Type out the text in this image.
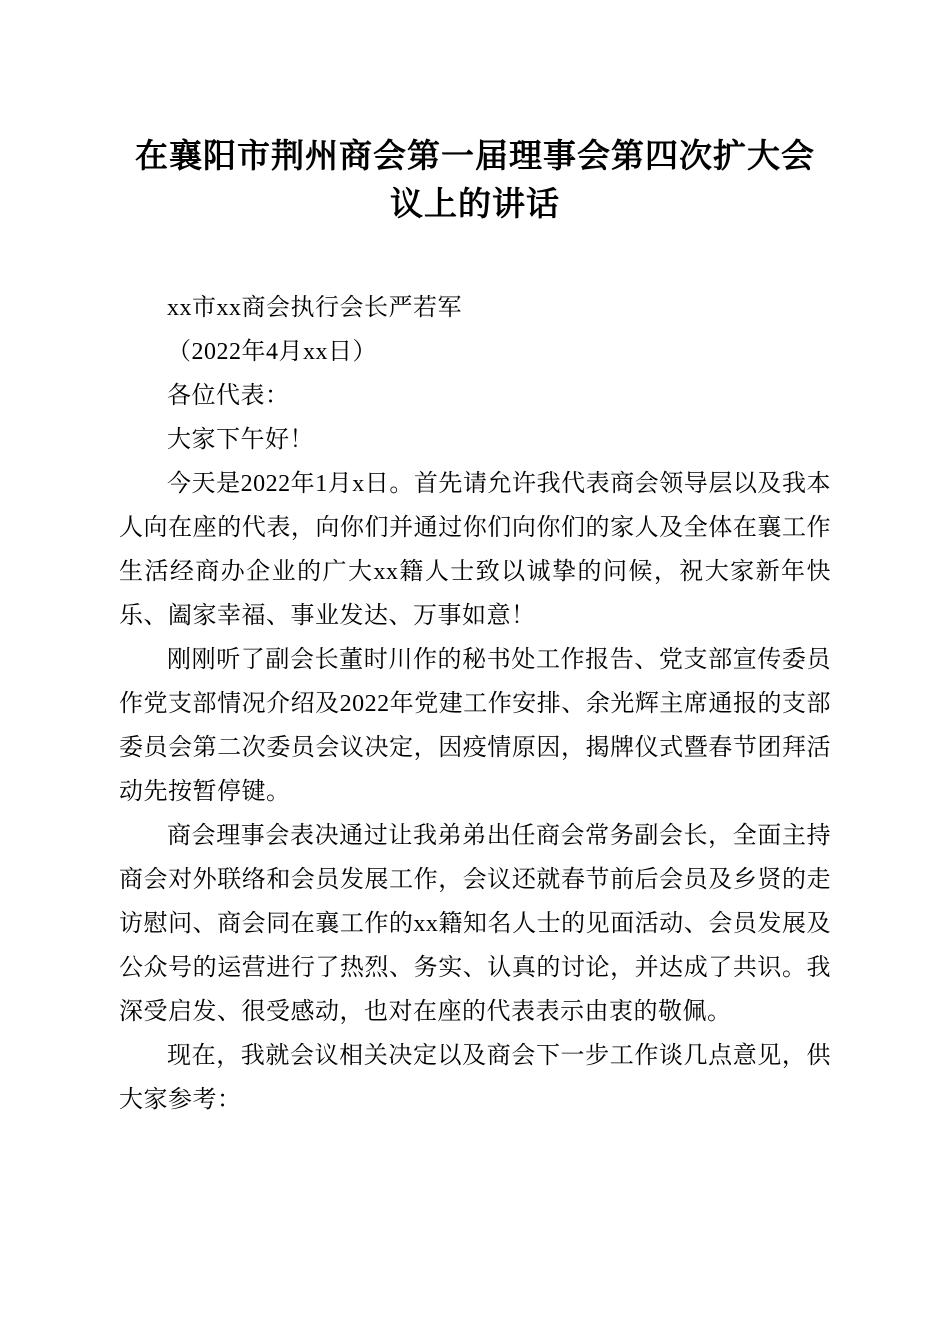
在襄阳市荆州商会第一届理事会第四次扩大会议上的讲话

xx市xx商会执行会长严若军

（2022年4月xx日）

各位代表：

大家下午好！

今天是2022年1月x日。首先请允许我代表商会领导层以及我本人向在座的代表，向你们并通过你们向你们的家人及全体在襄工作生活经商办企业的广大xx籍人士致以诚挚的问候，祝大家新年快乐、阖家幸福、事业发达、万事如意！

刚刚听了副会长董时川作的秘书处工作报告、党支部宣传委员作党支部情况介绍及2022年党建工作安排、余光辉主席通报的支部委员会第二次委员会议决定，因疫情原因，揭牌仪式暨春节团拜活动先按暂停键。

商会理事会表决通过让我弟弟出任商会常务副会长，全面主持商会对外联络和会员发展工作，会议还就春节前后会员及乡贤的走访慰问、商会同在襄工作的xx籍知名人士的见面活动、会员发展及公众号的运营进行了热烈、务实、认真的讨论，并达成了共识。我深受启发、很受感动，也对在座的代表表示由衷的敬佩。

现在，我就会议相关决定以及商会下一步工作谈几点意见，供大家参考：
